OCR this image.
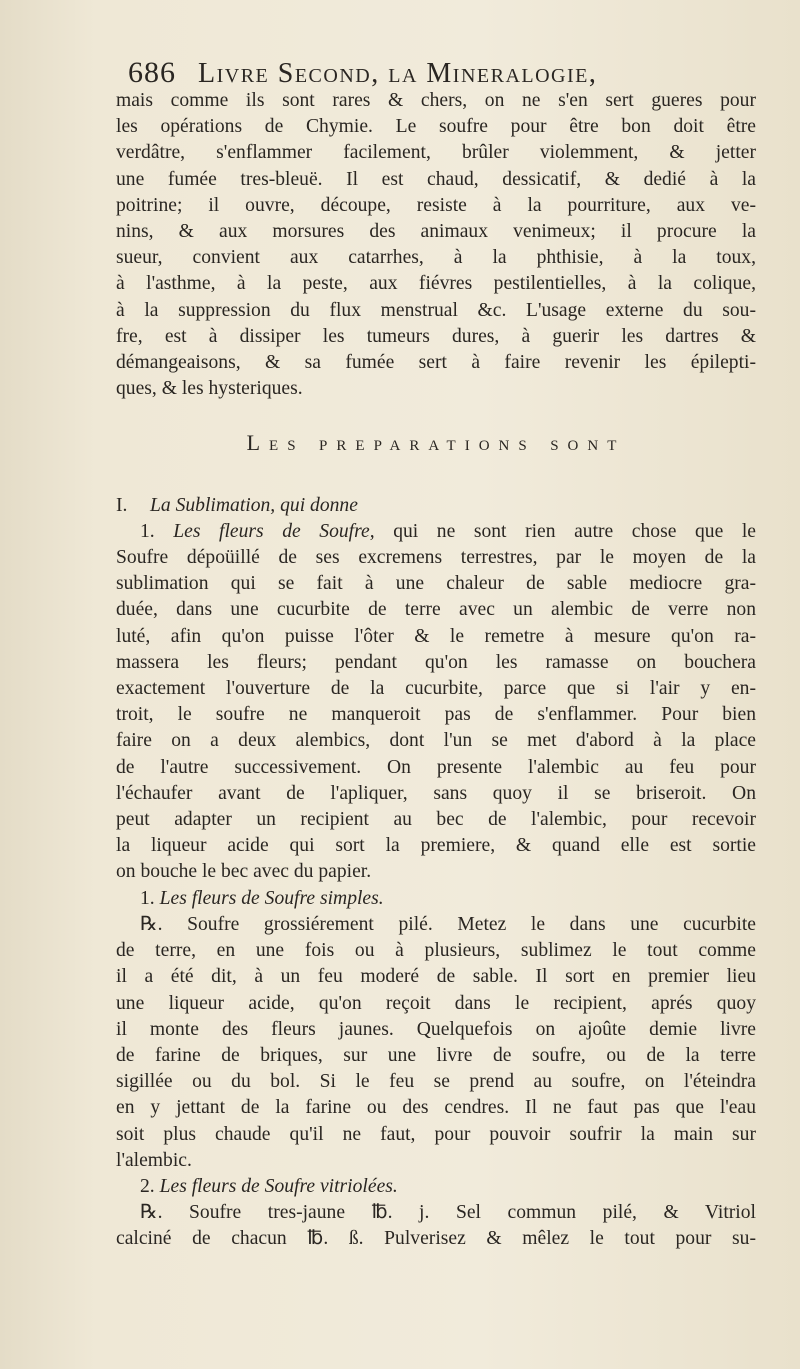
686 Livre Second, la Mineralogie,
mais comme ils sont rares & chers, on ne s'en sert gueres pour
les opérations de Chymie. Le soufre pour être bon doit être
verdâtre, s'enflammer facilement, brûler violemment, & jetter
une fumée tres-bleuë. Il est chaud, dessicatif, & dedié à la
poitrine; il ouvre, découpe, resiste à la pourriture, aux ve-
nins, & aux morsures des animaux venimeux; il procure la
sueur, convient aux catarrhes, à la phthisie, à la toux,
à l'asthme, à la peste, aux fiévres pestilentielles, à la colique,
à la suppression du flux menstrual &c. L'usage externe du sou-
fre, est à dissiper les tumeurs dures, à guerir les dartres &
démangeaisons, & sa fumée sert à faire revenir les épilepti-
ques, & les hysteriques.
Les preparations sont
I. La Sublimation, qui donne
1. Les fleurs de Soufre, qui ne sont rien autre chose que le
Soufre dépoüillé de ses excremens terrestres, par le moyen de la
sublimation qui se fait à une chaleur de sable mediocre gra-
duée, dans une cucurbite de terre avec un alembic de verre non
luté, afin qu'on puisse l'ôter & le remetre à mesure qu'on ra-
massera les fleurs; pendant qu'on les ramasse on bouchera
exactement l'ouverture de la cucurbite, parce que si l'air y en-
troit, le soufre ne manqueroit pas de s'enflammer. Pour bien
faire on a deux alembics, dont l'un se met d'abord à la place
de l'autre successivement. On presente l'alembic au feu pour
l'échaufer avant de l'apliquer, sans quoy il se briseroit. On
peut adapter un recipient au bec de l'alembic, pour recevoir
la liqueur acide qui sort la premiere, & quand elle est sortie
on bouche le bec avec du papier.
1. Les fleurs de Soufre simples.
℞. Soufre grossiérement pilé. Metez le dans une cucurbite
de terre, en une fois ou à plusieurs, sublimez le tout comme
il a été dit, à un feu moderé de sable. Il sort en premier lieu
une liqueur acide, qu'on reçoit dans le recipient, aprés quoy
il monte des fleurs jaunes. Quelquefois on ajoûte demie livre
de farine de briques, sur une livre de soufre, ou de la terre
sigillée ou du bol. Si le feu se prend au soufre, on l'éteindra
en y jettant de la farine ou des cendres. Il ne faut pas que l'eau
soit plus chaude qu'il ne faut, pour pouvoir soufrir la main sur
l'alembic.
2. Les fleurs de Soufre vitriolées.
℞. Soufre tres-jaune ℔. j. Sel commun pilé, & Vitriol
calciné de chacun ℔. ß. Pulverisez & mêlez le tout pour su-
